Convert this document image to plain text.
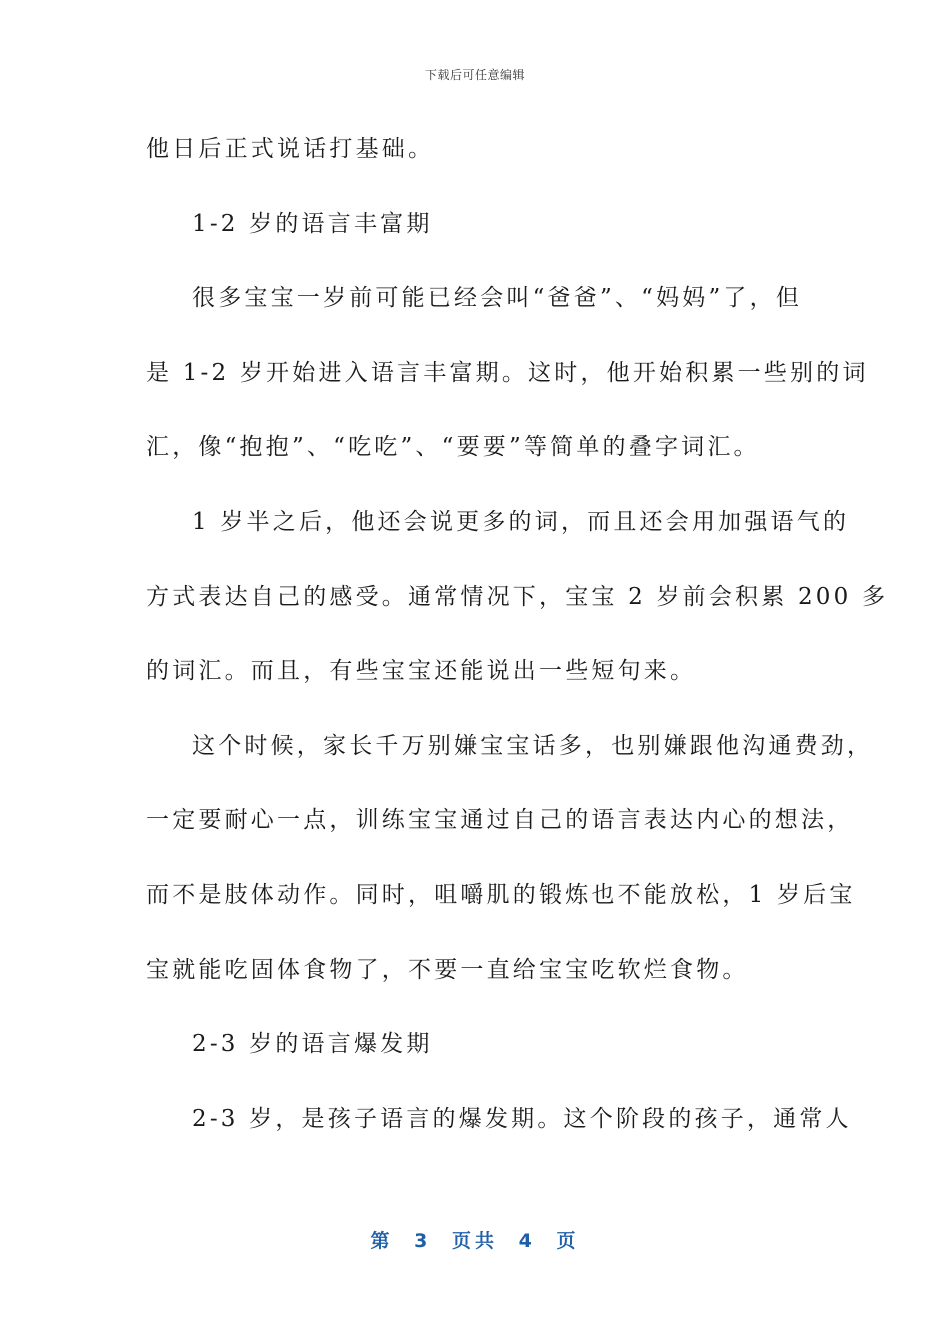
下载后可任意编辑
他日后正式说话打基础。
1-2 岁的语言丰富期
很多宝宝一岁前可能已经会叫“爸爸”、“妈妈”了，但
是 1-2 岁开始进入语言丰富期。这时，他开始积累一些别的词
汇，像“抱抱”、“吃吃”、“要要”等简单的叠字词汇。
1 岁半之后，他还会说更多的词，而且还会用加强语气的
方式表达自己的感受。通常情况下，宝宝 2 岁前会积累 200 多
的词汇。而且，有些宝宝还能说出一些短句来。
这个时候，家长千万别嫌宝宝话多，也别嫌跟他沟通费劲，
一定要耐心一点，训练宝宝通过自己的语言表达内心的想法，
而不是肢体动作。同时，咀嚼肌的锻炼也不能放松，1 岁后宝
宝就能吃固体食物了，不要一直给宝宝吃软烂食物。
2-3 岁的语言爆发期
2-3 岁，是孩子语言的爆发期。这个阶段的孩子，通常人
第 3 页共 4 页
